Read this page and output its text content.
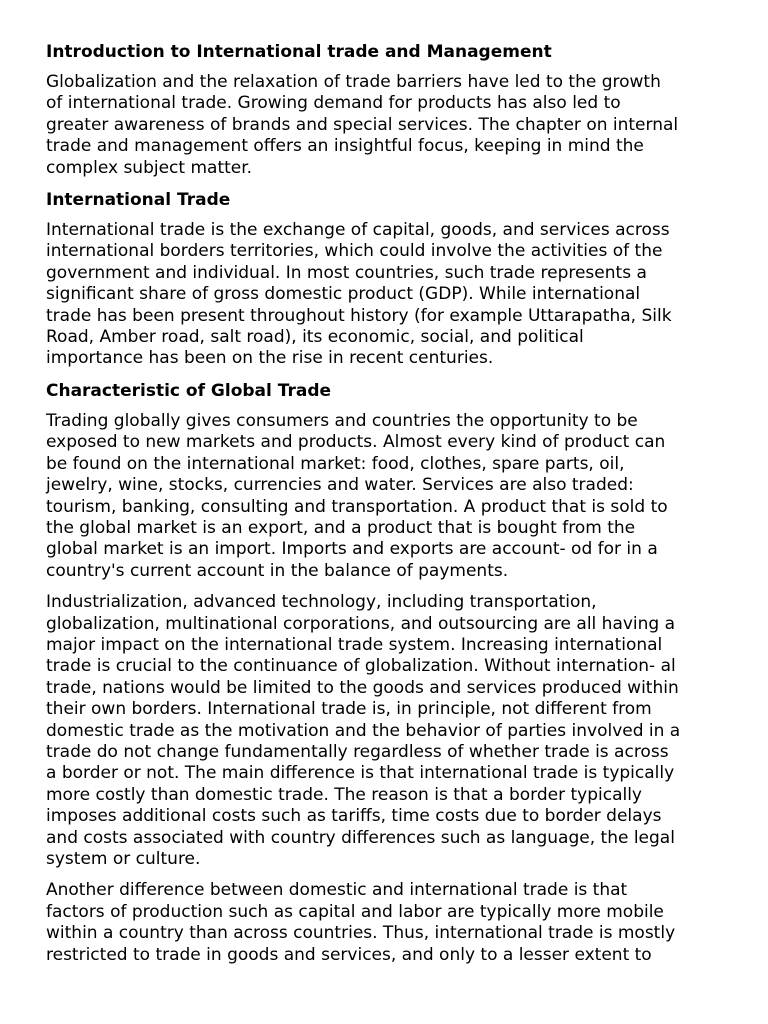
Introduction to International trade and Management

Globalization and the relaxation of trade barriers have led to the growth
of international trade. Growing demand for products has also led to
greater awareness of brands and special services. The chapter on internal
trade and management offers an insightful focus, keeping in mind the
complex subject matter.

International Trade

International trade is the exchange of capital, goods, and services across
international borders territories, which could involve the activities of the
government and individual. In most countries, such trade represents a
significant share of gross domestic product (GDP). While international
trade has been present throughout history (for example Uttarapatha, Silk
Road, Amber road, salt road), its economic, social, and political
importance has been on the rise in recent centuries.

Characteristic of Global Trade

Trading globally gives consumers and countries the opportunity to be
exposed to new markets and products. Almost every kind of product can
be found on the international market: food, clothes, spare parts, oil,
jewelry, wine, stocks, currencies and water. Services are also traded:
tourism, banking, consulting and transportation. A product that is sold to
the global market is an export, and a product that is bought from the
global market is an import. Imports and exports are account- od for in a
country's current account in the balance of payments.

Industrialization, advanced technology, including transportation,
globalization, multinational corporations, and outsourcing are all having a
major impact on the international trade system. Increasing international
trade is crucial to the continuance of globalization. Without internation- al
trade, nations would be limited to the goods and services produced within
their own borders. International trade is, in principle, not different from
domestic trade as the motivation and the behavior of parties involved in a
trade do not change fundamentally regardless of whether trade is across
a border or not. The main difference is that international trade is typically
more costly than domestic trade. The reason is that a border typically
imposes additional costs such as tariffs, time costs due to border delays
and costs associated with country differences such as language, the legal
system or culture.

Another difference between domestic and international trade is that
factors of production such as capital and labor are typically more mobile
within a country than across countries. Thus, international trade is mostly
restricted to trade in goods and services, and only to a lesser extent to
